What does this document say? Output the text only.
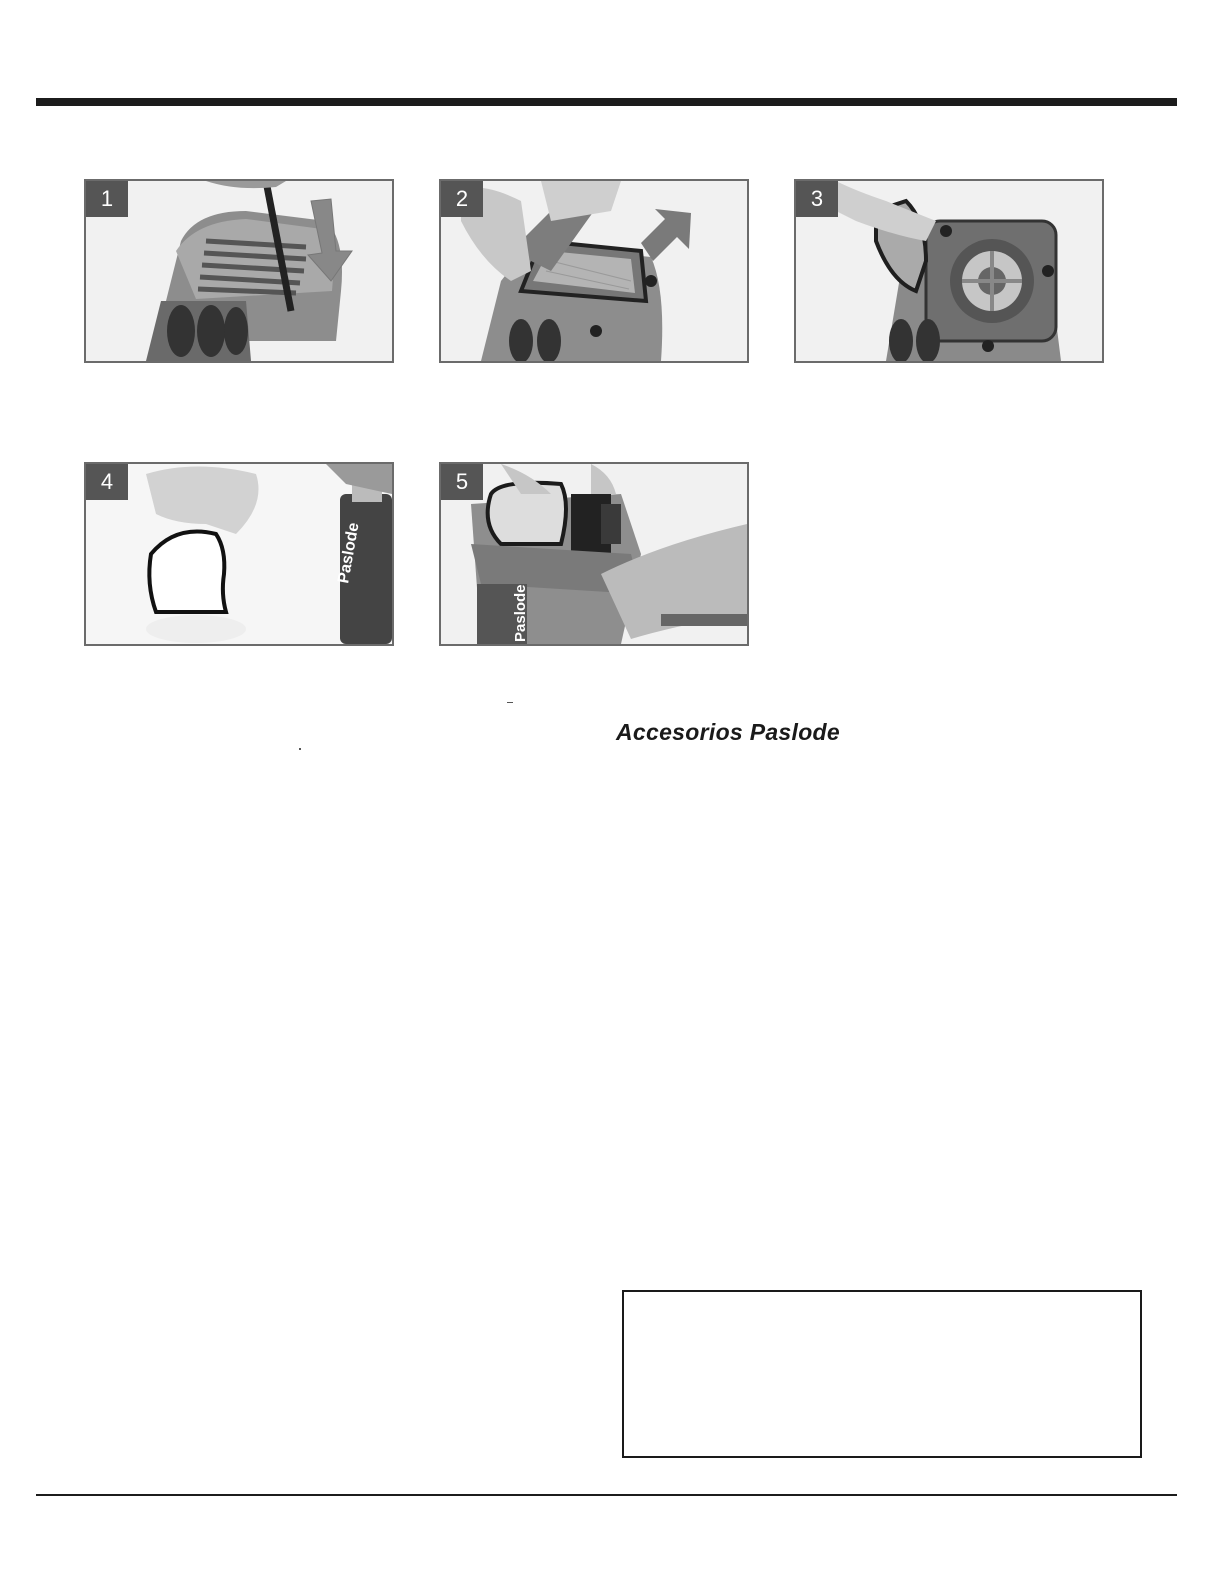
1	2	3
Paslode
4
Paslode
5
Accesorios Paslode
